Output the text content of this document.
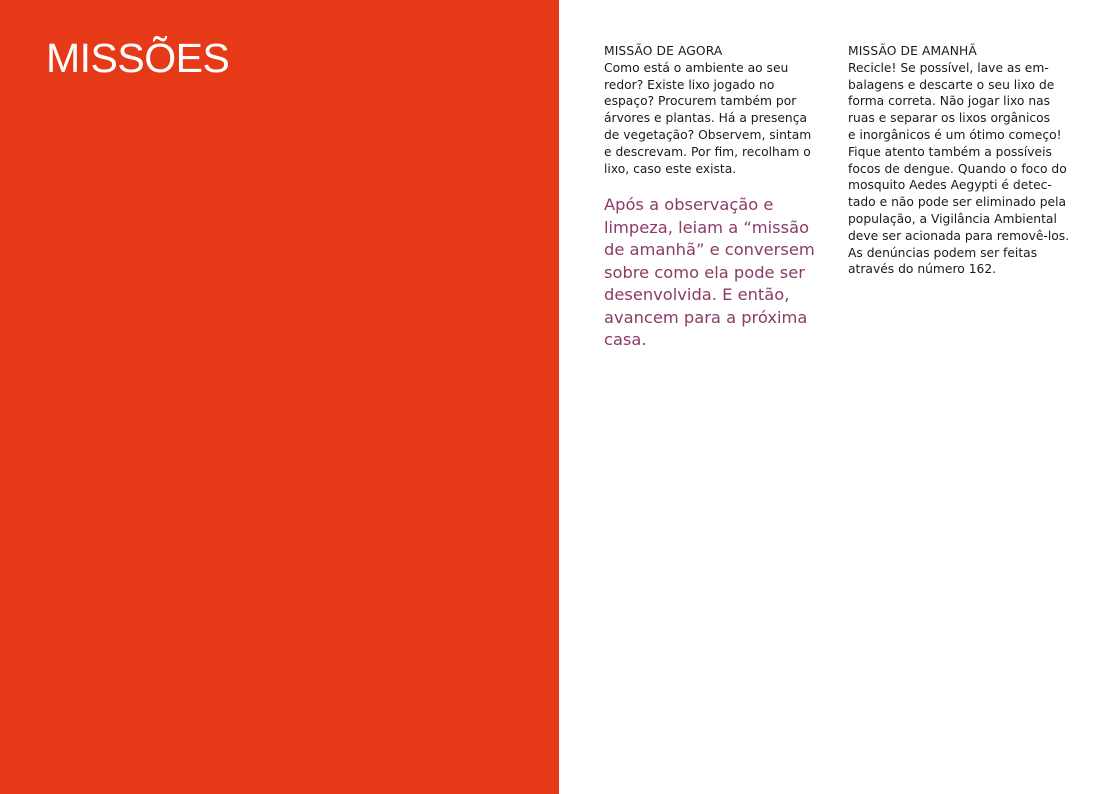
MISSÕES	MISSÃO DE AGORA

Como está o ambiente ao seu
redor? Existe lixo jogado no
espaço? Procurem também por
árvores e plantas. Há a presença
de vegetação? Observem, sintam
e descrevam. Por fim, recolham o
lixo, caso este exista.

Após a observação e
limpeza, leiam a “missão
de amanhã” e conversem
sobre como ela pode ser
desenvolvida. E então,
avancem para a próxima
casa.

MISSÃO DE AMANHÃ

Recicle! Se possível, lave as em-
balagens e descarte o seu lixo de
forma correta. Não jogar lixo nas
ruas e separar os lixos orgânicos
e inorgânicos é um ótimo começo!
Fique atento também a possíveis
focos de dengue. Quando o foco do
mosquito Aedes Aegypti é detec-
tado e não pode ser eliminado pela
população, a Vigilância Ambiental
deve ser acionada para removê-los.
As denúncias podem ser feitas
através do número 162.
